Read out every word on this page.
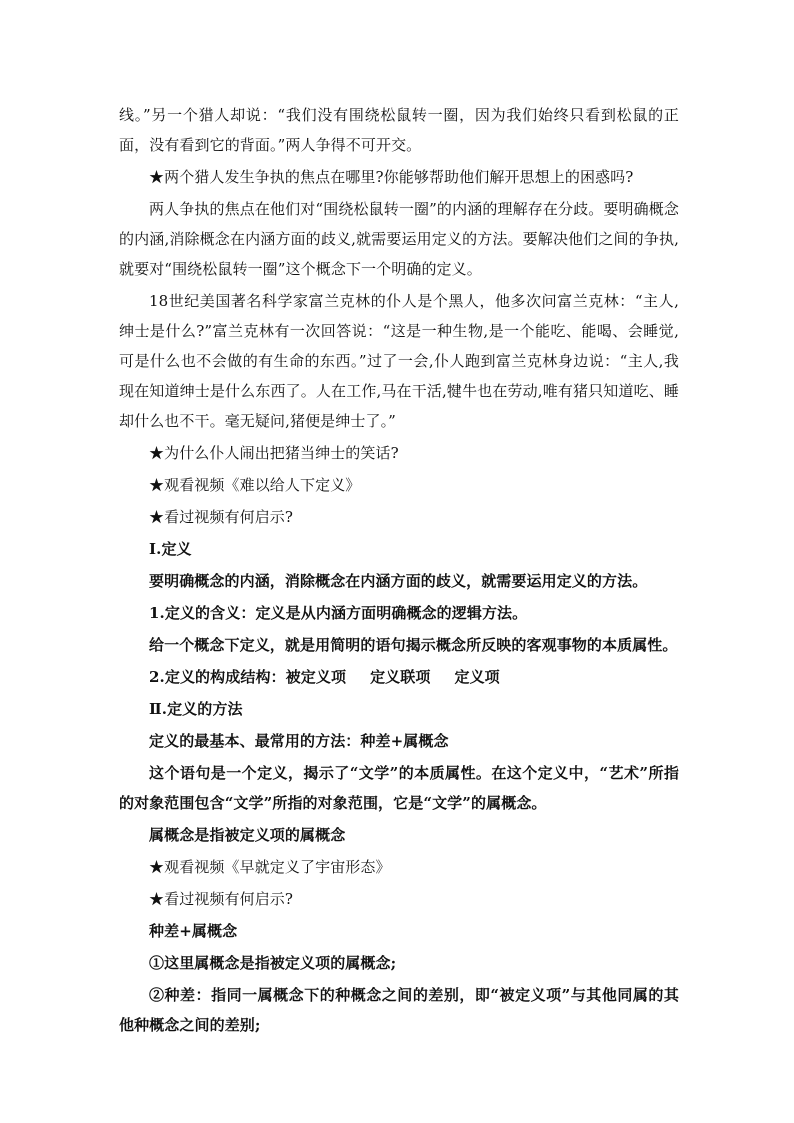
线。”另一个猎人却说：“我们没有围绕松鼠转一圈，因为我们始终只看到松鼠的正面，没有看到它的背面。”两人争得不可开交。
★两个猎人发生争执的焦点在哪里?你能够帮助他们解开思想上的困惑吗?
两人争执的焦点在他们对“围绕松鼠转一圈”的内涵的理解存在分歧。要明确概念的内涵,消除概念在内涵方面的歧义,就需要运用定义的方法。要解决他们之间的争执,就要对“围绕松鼠转一圈”这个概念下一个明确的定义。
18世纪美国著名科学家富兰克林的仆人是个黑人，他多次问富兰克林：“主人,绅士是什么?”富兰克林有一次回答说：“这是一种生物,是一个能吃、能喝、会睡觉,可是什么也不会做的有生命的东西。”过了一会,仆人跑到富兰克林身边说：“主人,我现在知道绅士是什么东西了。人在工作,马在干活,犍牛也在劳动,唯有猪只知道吃、睡却什么也不干。毫无疑问,猪便是绅士了。”
★为什么仆人闹出把猪当绅士的笑话?
★观看视频《难以给人下定义》
★看过视频有何启示?
Ⅰ.定义
要明确概念的内涵，消除概念在内涵方面的歧义，就需要运用定义的方法。
1.定义的含义：定义是从内涵方面明确概念的逻辑方法。
给一个概念下定义，就是用简明的语句揭示概念所反映的客观事物的本质属性。
2.定义的构成结构：被定义项 定义联项 定义项
Ⅱ.定义的方法
定义的最基本、最常用的方法：种差+属概念
这个语句是一个定义，揭示了“文学”的本质属性。在这个定义中，“艺术”所指的对象范围包含“文学”所指的对象范围，它是“文学”的属概念。
属概念是指被定义项的属概念
★观看视频《早就定义了宇宙形态》
★看过视频有何启示?
种差+属概念
①这里属概念是指被定义项的属概念;
②种差：指同一属概念下的种概念之间的差别，即“被定义项”与其他同属的其他种概念之间的差别;
